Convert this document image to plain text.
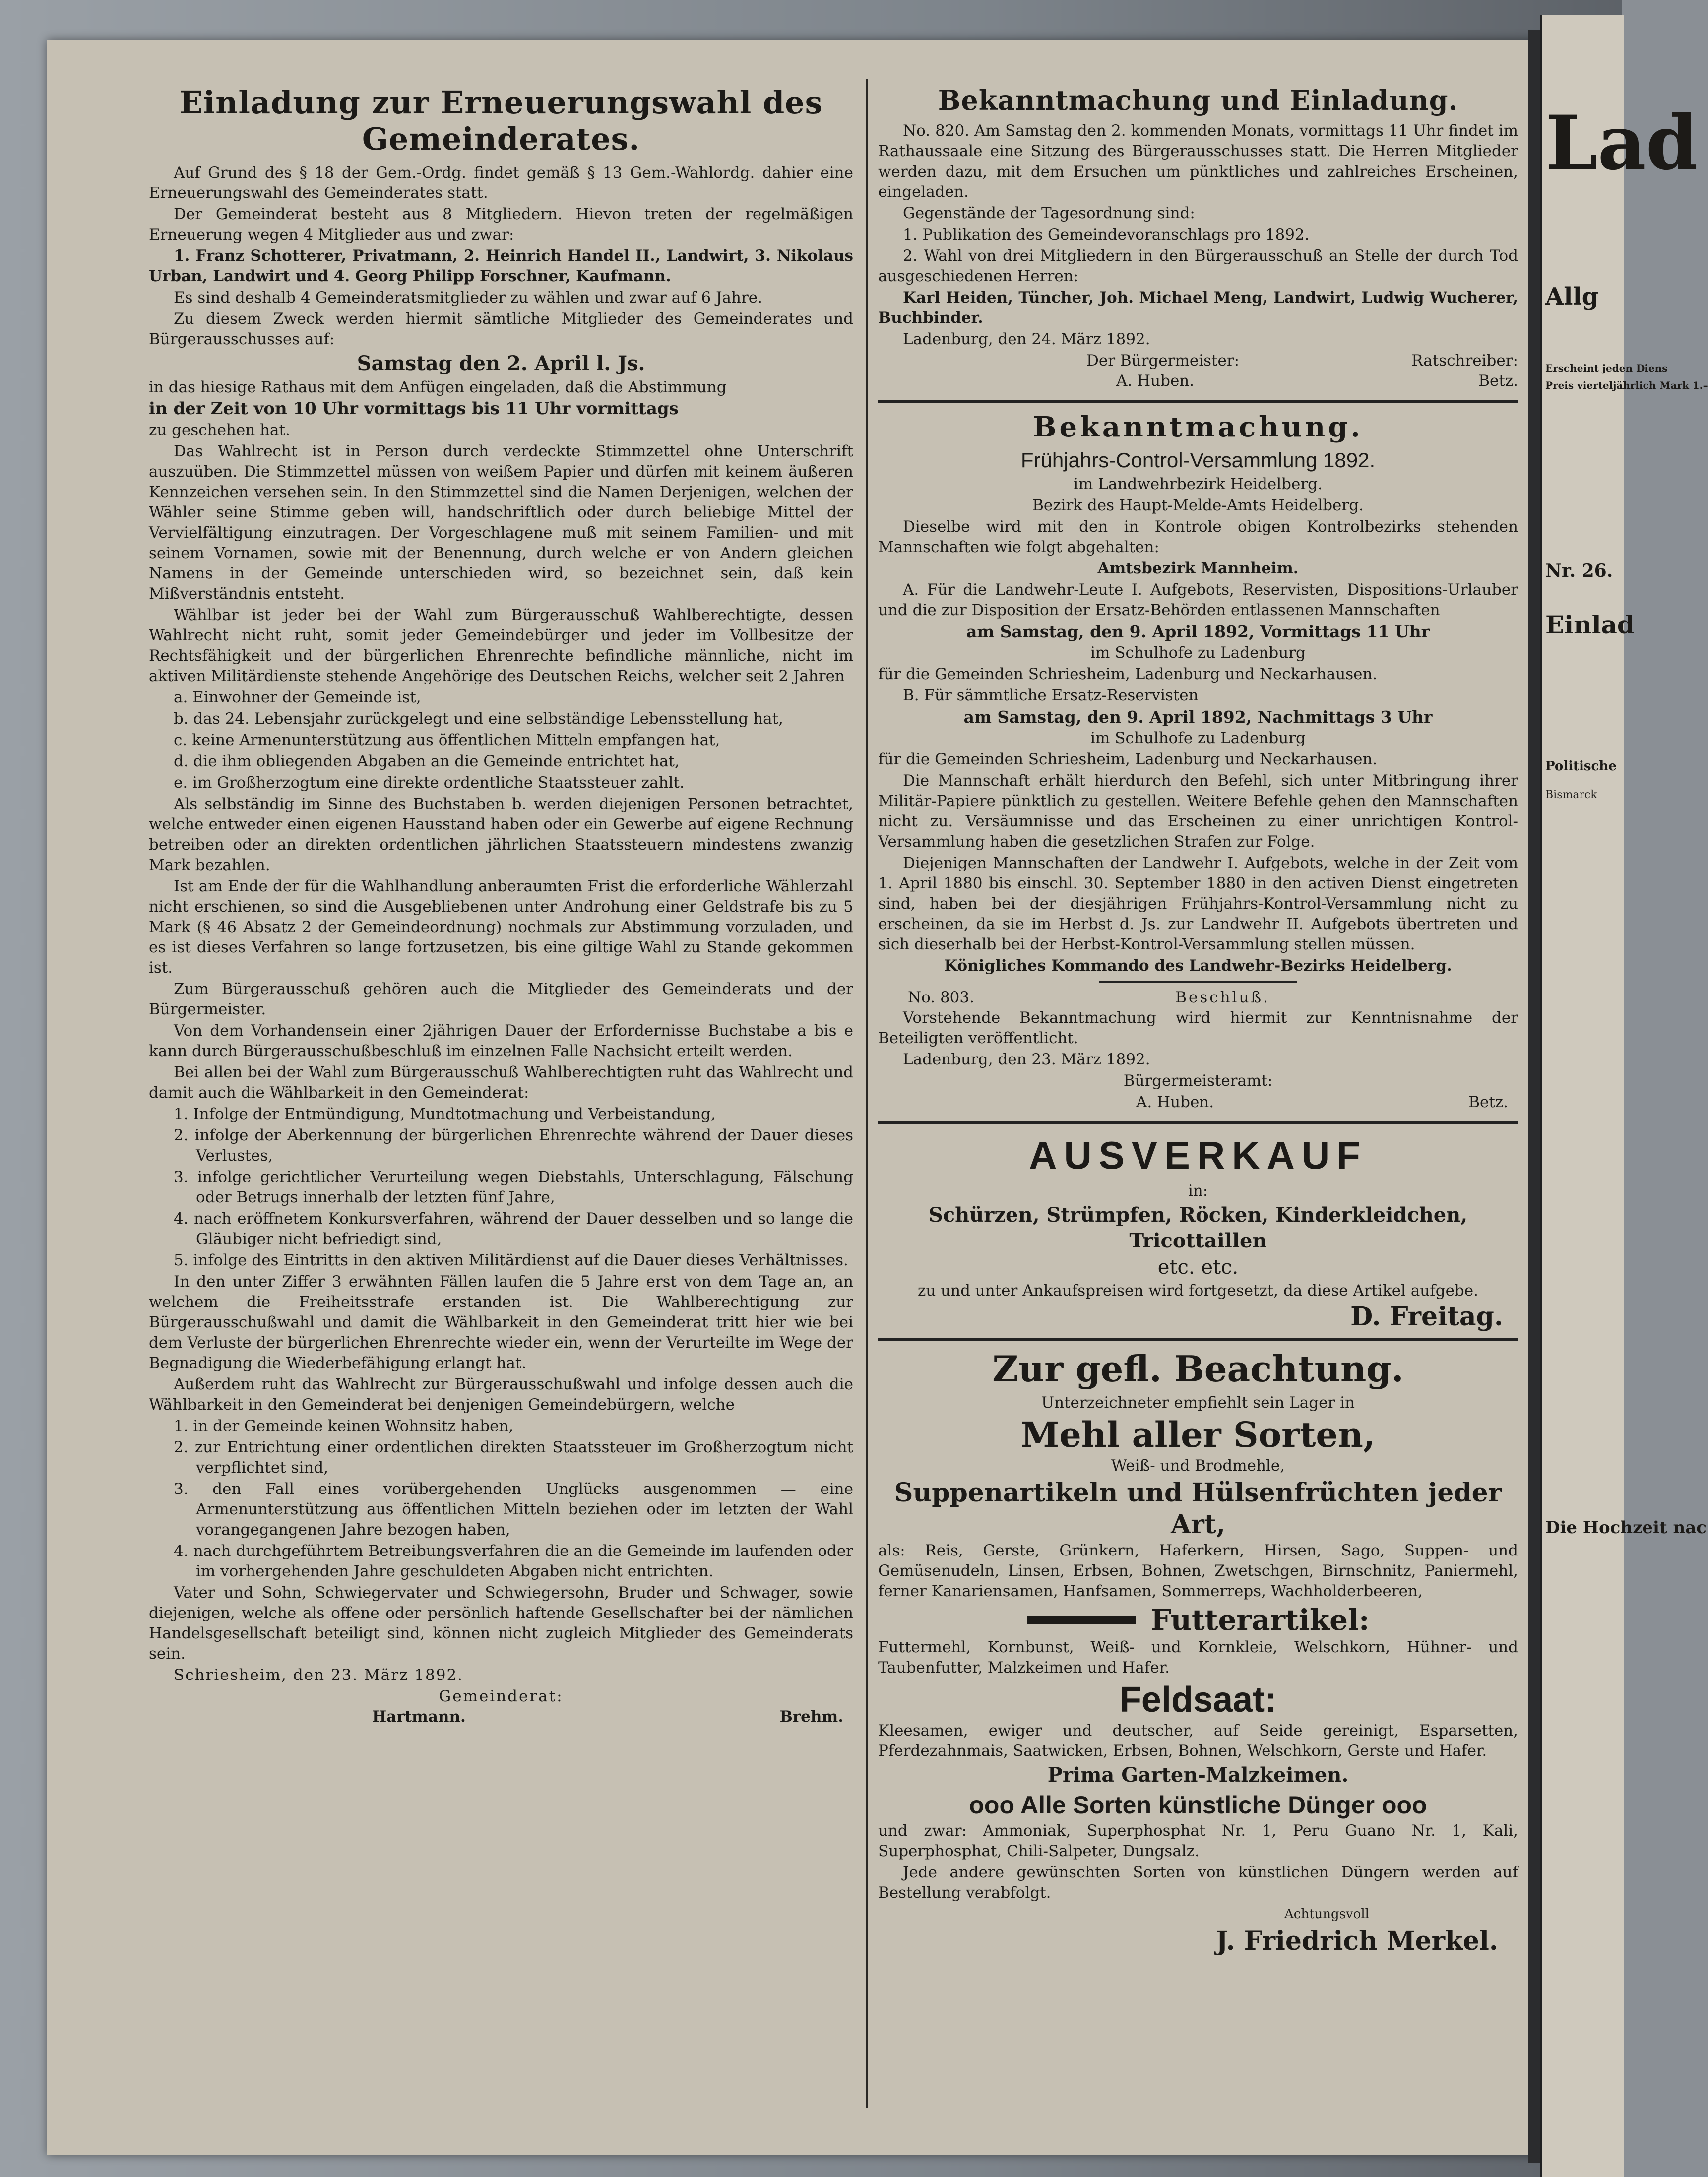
Lad
Allg
Erscheint jeden Diens
Preis vierteljährlich Mark 1.–
Nr. 26.
Einlad
Politische
Bismarck
Die Hochzeit nac
Einladung zur Erneuerungswahl des Gemeinderates.

Auf Grund des § 18 der Gem.-Ordg. findet gemäß § 13 Gem.-Wahlordg. dahier eine Erneuerungswahl des Gemeinderates statt.

Der Gemeinderat besteht aus 8 Mitgliedern. Hievon treten der regelmäßigen Erneuerung wegen 4 Mitglieder aus und zwar:

1. Franz Schotterer, Privatmann, 2. Heinrich Handel II., Landwirt, 3. Nikolaus Urban, Landwirt und 4. Georg Philipp Forschner, Kaufmann.

Es sind deshalb 4 Gemeinderatsmitglieder zu wählen und zwar auf 6 Jahre.

Zu diesem Zweck werden hiermit sämtliche Mitglieder des Gemeinderates und Bürgerausschusses auf:

Samstag den 2. April l. Js.

in das hiesige Rathaus mit dem Anfügen eingeladen, daß die Abstimmung

in der Zeit von 10 Uhr vormittags bis 11 Uhr vormittags

zu geschehen hat.

Das Wahlrecht ist in Person durch verdeckte Stimmzettel ohne Unterschrift auszuüben. Die Stimmzettel müssen von weißem Papier und dürfen mit keinem äußeren Kennzeichen versehen sein. In den Stimmzettel sind die Namen Derjenigen, welchen der Wähler seine Stimme geben will, handschriftlich oder durch beliebige Mittel der Vervielfältigung einzutragen. Der Vorgeschlagene muß mit seinem Familien- und mit seinem Vornamen, sowie mit der Benennung, durch welche er von Andern gleichen Namens in der Gemeinde unterschieden wird, so bezeichnet sein, daß kein Mißverständnis entsteht.

Wählbar ist jeder bei der Wahl zum Bürgerausschuß Wahlberechtigte, dessen Wahlrecht nicht ruht, somit jeder Gemeindebürger und jeder im Vollbesitze der Rechtsfähigkeit und der bürgerlichen Ehrenrechte befindliche männliche, nicht im aktiven Militärdienste stehende Angehörige des Deutschen Reichs, welcher seit 2 Jahren

a. Einwohner der Gemeinde ist,

b. das 24. Lebensjahr zurückgelegt und eine selbständige Lebensstellung hat,

c. keine Armenunterstützung aus öffentlichen Mitteln empfangen hat,

d. die ihm obliegenden Abgaben an die Gemeinde entrichtet hat,

e. im Großherzogtum eine direkte ordentliche Staatssteuer zahlt.

Als selbständig im Sinne des Buchstaben b. werden diejenigen Personen betrachtet, welche entweder einen eigenen Hausstand haben oder ein Gewerbe auf eigene Rechnung betreiben oder an direkten ordentlichen jährlichen Staatssteuern mindestens zwanzig Mark bezahlen.

Ist am Ende der für die Wahlhandlung anberaumten Frist die erforderliche Wählerzahl nicht erschienen, so sind die Ausgebliebenen unter Androhung einer Geldstrafe bis zu 5 Mark (§ 46 Absatz 2 der Gemeindeordnung) nochmals zur Abstimmung vorzuladen, und es ist dieses Verfahren so lange fortzusetzen, bis eine giltige Wahl zu Stande gekommen ist.

Zum Bürgerausschuß gehören auch die Mitglieder des Gemeinderats und der Bürgermeister.

Von dem Vorhandensein einer 2jährigen Dauer der Erfordernisse Buchstabe a bis e kann durch Bürgerausschußbeschluß im einzelnen Falle Nachsicht erteilt werden.

Bei allen bei der Wahl zum Bürgerausschuß Wahlberechtigten ruht das Wahlrecht und damit auch die Wählbarkeit in den Gemeinderat:

1. Infolge der Entmündigung, Mundtotmachung und Verbeistandung,

2. infolge der Aberkennung der bürgerlichen Ehrenrechte während der Dauer dieses Verlustes,

3. infolge gerichtlicher Verurteilung wegen Diebstahls, Unterschlagung, Fälschung oder Betrugs innerhalb der letzten fünf Jahre,

4. nach eröffnetem Konkursverfahren, während der Dauer desselben und so lange die Gläubiger nicht befriedigt sind,

5. infolge des Eintritts in den aktiven Militärdienst auf die Dauer dieses Verhältnisses.

In den unter Ziffer 3 erwähnten Fällen laufen die 5 Jahre erst von dem Tage an, an welchem die Freiheitsstrafe erstanden ist. Die Wahlberechtigung zur Bürgerausschußwahl und damit die Wählbarkeit in den Gemeinderat tritt hier wie bei dem Verluste der bürgerlichen Ehrenrechte wieder ein, wenn der Verurteilte im Wege der Begnadigung die Wiederbefähigung erlangt hat.

Außerdem ruht das Wahlrecht zur Bürgerausschußwahl und infolge dessen auch die Wählbarkeit in den Gemeinderat bei denjenigen Gemeindebürgern, welche

1. in der Gemeinde keinen Wohnsitz haben,

2. zur Entrichtung einer ordentlichen direkten Staatssteuer im Großherzogtum nicht verpflichtet sind,

3. den Fall eines vorübergehenden Unglücks ausgenommen — eine Armenunterstützung aus öffentlichen Mitteln beziehen oder im letzten der Wahl vorangegangenen Jahre bezogen haben,

4. nach durchgeführtem Betreibungsverfahren die an die Gemeinde im laufenden oder im vorhergehenden Jahre geschuldeten Abgaben nicht entrichten.

Vater und Sohn, Schwiegervater und Schwiegersohn, Bruder und Schwager, sowie diejenigen, welche als offene oder persönlich haftende Gesellschafter bei der nämlichen Handelsgesellschaft beteiligt sind, können nicht zugleich Mitglieder des Gemeinderats sein.

Schriesheim, den 23. März 1892.

Gemeinderat:

Hartmann.	Brehm.
Bekanntmachung und Einladung.

No. 820. Am Samstag den 2. kommenden Monats, vormittags 11 Uhr findet im Rathaussaale eine Sitzung des Bürgerausschusses statt. Die Herren Mitglieder werden dazu, mit dem Ersuchen um pünktliches und zahlreiches Erscheinen, eingeladen.

Gegenstände der Tagesordnung sind:

1. Publikation des Gemeindevoranschlags pro 1892.

2. Wahl von drei Mitgliedern in den Bürgerausschuß an Stelle der durch Tod ausgeschiedenen Herren:

Karl Heiden, Tüncher, Joh. Michael Meng, Landwirt, Ludwig Wucherer, Buchbinder.

Ladenburg, den 24. März 1892.

Der Bürgermeister:	Ratschreiber:
A. Huben.	Betz.
Bekanntmachung.

Frühjahrs-Control-Versammlung 1892.

im Landwehrbezirk Heidelberg.

Bezirk des Haupt-Melde-Amts Heidelberg.

Dieselbe wird mit den in Kontrole obigen Kontrolbezirks stehenden Mannschaften wie folgt abgehalten:

Amtsbezirk Mannheim.

A. Für die Landwehr-Leute I. Aufgebots, Reservisten, Dispositions-Urlauber und die zur Disposition der Ersatz-Behörden entlassenen Mannschaften

am Samstag, den 9. April 1892, Vormittags 11 Uhr

im Schulhofe zu Ladenburg

für die Gemeinden Schriesheim, Ladenburg und Neckarhausen.

B. Für sämmtliche Ersatz-Reservisten

am Samstag, den 9. April 1892, Nachmittags 3 Uhr

im Schulhofe zu Ladenburg

für die Gemeinden Schriesheim, Ladenburg und Neckarhausen.

Die Mannschaft erhält hierdurch den Befehl, sich unter Mitbringung ihrer Militär-Papiere pünktlich zu gestellen. Weitere Befehle gehen den Mannschaften nicht zu. Versäumnisse und das Erscheinen zu einer unrichtigen Kontrol-Versammlung haben die gesetzlichen Strafen zur Folge.

Diejenigen Mannschaften der Landwehr I. Aufgebots, welche in der Zeit vom 1. April 1880 bis einschl. 30. September 1880 in den activen Dienst eingetreten sind, haben bei der diesjährigen Frühjahrs-Kontrol-Versammlung nicht zu erscheinen, da sie im Herbst d. Js. zur Landwehr II. Aufgebots übertreten und sich dieserhalb bei der Herbst-Kontrol-Versammlung stellen müssen.

Königliches Kommando des Landwehr-Bezirks Heidelberg.

No. 803.	Beschluß.

Vorstehende Bekanntmachung wird hiermit zur Kenntnisnahme der Beteiligten veröffentlicht.

Ladenburg, den 23. März 1892.

Bürgermeisteramt:

A. Huben.	Betz.
AUSVERKAUF

in:

Schürzen, Strümpfen, Röcken, Kinderkleidchen, Tricottaillen

etc. etc.

zu und unter Ankaufspreisen wird fortgesetzt, da diese Artikel aufgebe.

D. Freitag.
Zur gefl. Beachtung.

Unterzeichneter empfiehlt sein Lager in

Mehl aller Sorten,

Weiß- und Brodmehle,

Suppenartikeln und Hülsenfrüchten jeder Art,

als: Reis, Gerste, Grünkern, Haferkern, Hirsen, Sago, Suppen- und Gemüsenudeln, Linsen, Erbsen, Bohnen, Zwetschgen, Birnschnitz, Paniermehl, ferner Kanariensamen, Hanfsamen, Sommerreps, Wachholderbeeren,

Futterartikel:

Futtermehl, Kornbunst, Weiß- und Kornkleie, Welschkorn, Hühner- und Taubenfutter, Malzkeimen und Hafer.

Feldsaat:

Kleesamen, ewiger und deutscher, auf Seide gereinigt, Esparsetten, Pferdezahnmais, Saatwicken, Erbsen, Bohnen, Welschkorn, Gerste und Hafer.

Prima Garten-Malzkeimen.

ooo Alle Sorten künstliche Dünger ooo

und zwar: Ammoniak, Superphosphat Nr. 1, Peru Guano Nr. 1, Kali, Superphosphat, Chili-Salpeter, Dungsalz.

Jede andere gewünschten Sorten von künstlichen Düngern werden auf Bestellung verabfolgt.

Achtungsvoll

J. Friedrich Merkel.
